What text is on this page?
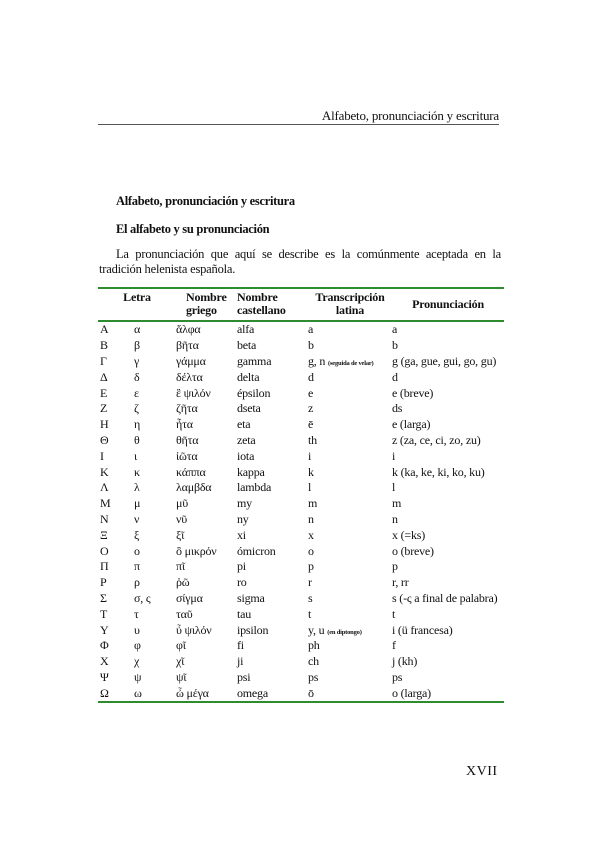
Alfabeto, pronunciación y escritura
Alfabeto, pronunciación y escritura
El alfabeto y su pronunciación
La pronunciación que aquí se describe es la comúnmente aceptada en la tradición helenista española.
Letra		Nombre griego	Nombre castellano	Transcripción latina	Pronunciación
Α	α	ἄλφα	alfa	a	a
Β	β	βῆτα	beta	b	b
Γ	γ	γάμμα	gamma	g, n (seguida de velar)	g (ga, gue, gui, go, gu)
Δ	δ	δέλτα	delta	d	d
Ε	ε	ἒ ψιλόν	épsilon	e	e (breve)
Ζ	ζ	ζῆτα	dseta	z	ds
Η	η	ἦτα	eta	ē	e (larga)
Θ	θ	θῆτα	zeta	th	z (za, ce, ci, zo, zu)
Ι	ι	ἰῶτα	iota	i	i
Κ	κ	κάππα	kappa	k	k (ka, ke, ki, ko, ku)
Λ	λ	λαμβδα	lambda	l	l
Μ	μ	μῦ	my	m	m
Ν	ν	νῦ	ny	n	n
Ξ	ξ	ξῖ	xi	x	x (=ks)
Ο	ο	ὂ μικρόν	ómicron	o	o (breve)
Π	π	πῖ	pi	p	p
Ρ	ρ	ῥῶ	ro	r	r, rr
Σ	σ, ς	σίγμα	sigma	s	s (-ς a final de palabra)
Τ	τ	ταῦ	tau	t	t
Υ	υ	ὖ ψιλόν	ipsilon	y, u (en diptongo)	i (ü francesa)
Φ	φ	φῖ	fi	ph	f
Χ	χ	χῖ	ji	ch	j (kh)
Ψ	ψ	ψῖ	psi	ps	ps
Ω	ω	ὦ μέγα	omega	ō	o (larga)
XVII
